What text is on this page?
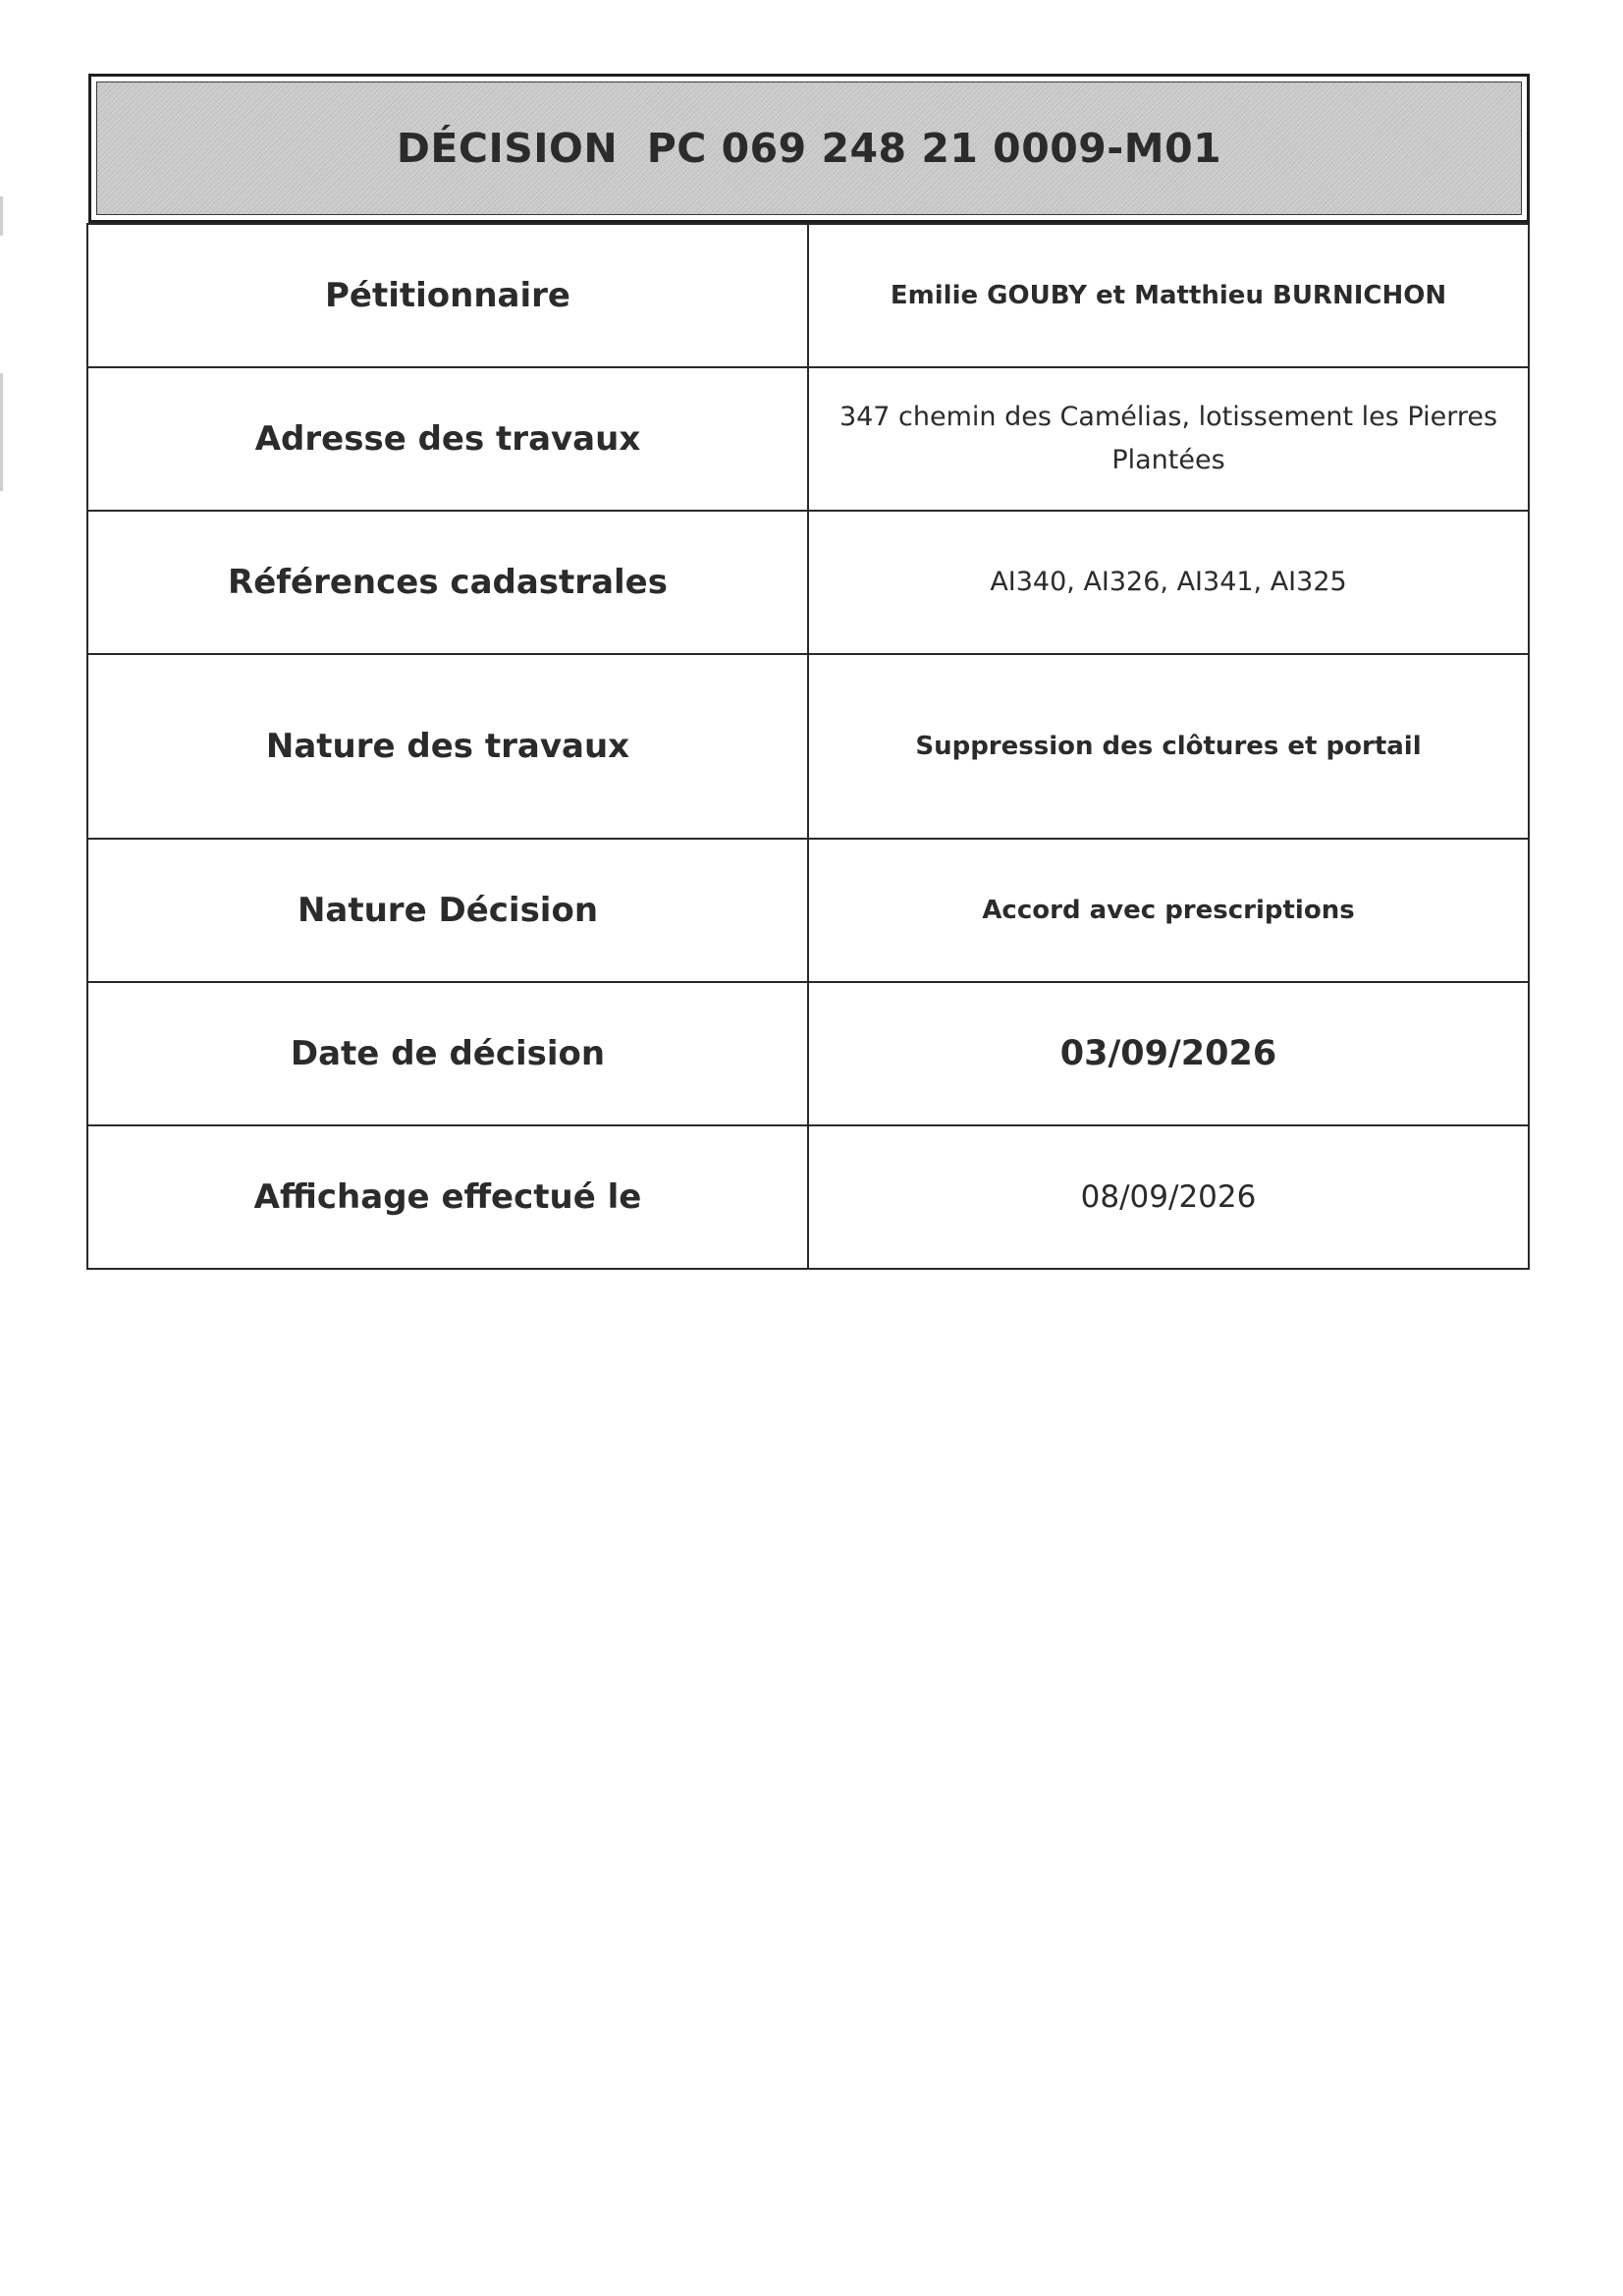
DÉCISION  PC 069 248 21 0009-M01
Pétitionnaire	Emilie GOUBY et Matthieu BURNICHON
Adresse des travaux	347 chemin des Camélias, lotissement les Pierres Plantées
Références cadastrales	AI340, AI326, AI341, AI325
Nature des travaux	Suppression des clôtures et portail
Nature Décision	Accord avec prescriptions
Date de décision	03/09/2026
Affichage effectué le	08/09/2026
